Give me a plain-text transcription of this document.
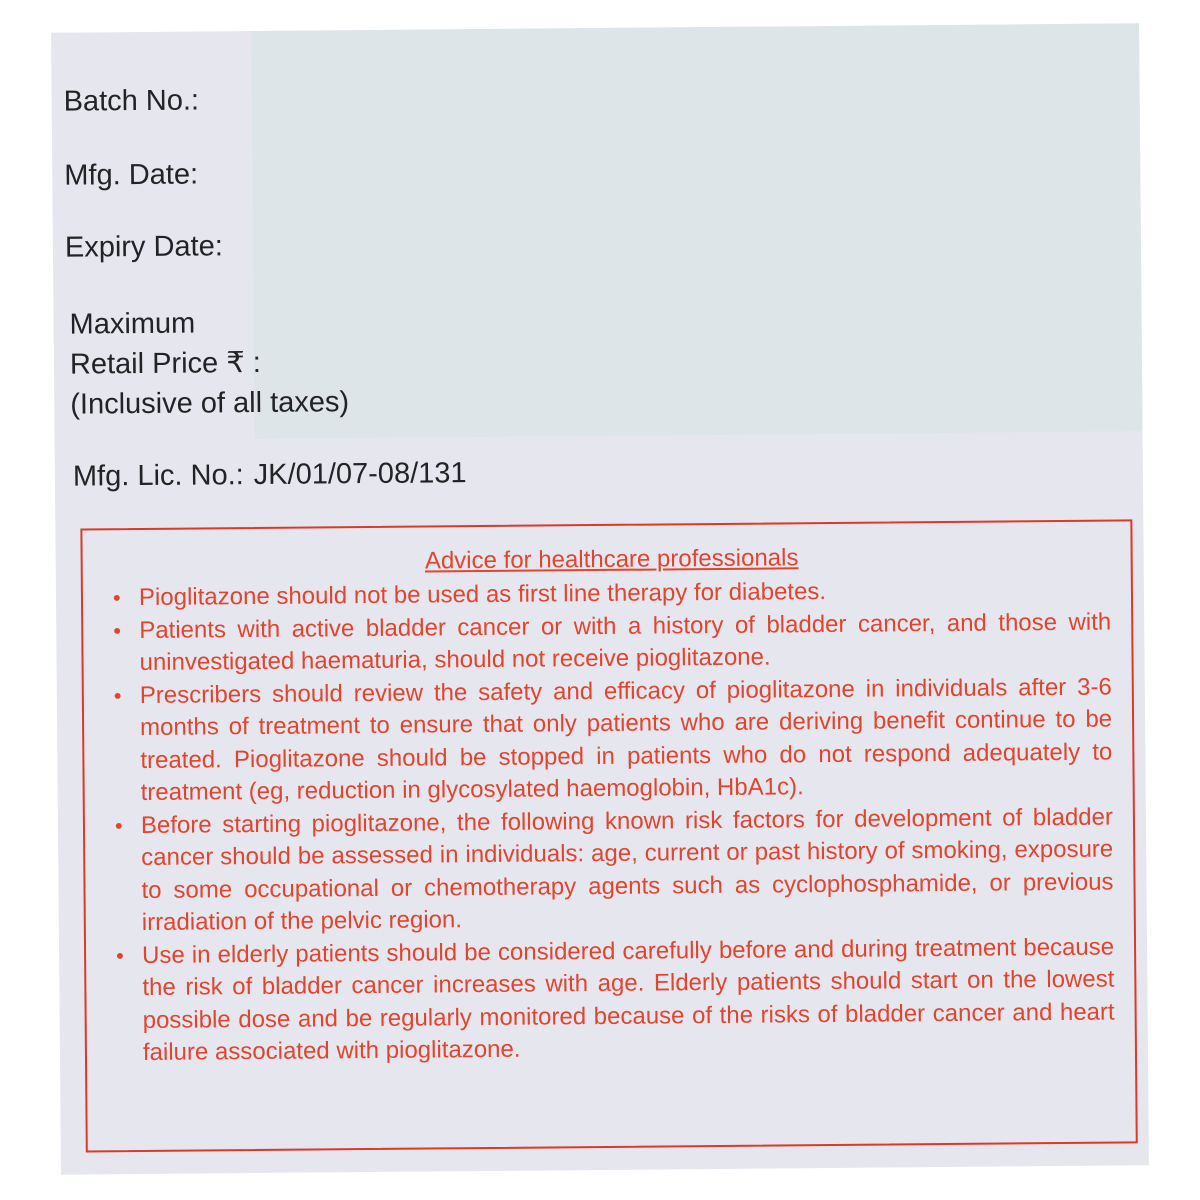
Batch No.:

Mfg. Date:

Expiry Date:

Maximum
Retail Price ₹ :
(Inclusive of all taxes)
Mfg. Lic. No.: JK/01/07-08/131

Advice for healthcare professionals

• Pioglitazone should not be used as first line therapy for diabetes.
• Patients with active bladder cancer or with a history of bladder cancer, and those with uninvestigated haematuria, should not receive pioglitazone.
• Prescribers should review the safety and efficacy of pioglitazone in individuals after 3-6 months of treatment to ensure that only patients who are deriving benefit continue to be treated. Pioglitazone should be stopped in patients who do not respond adequately to treatment (eg, reduction in glycosylated haemoglobin, HbA1c).
• Before starting pioglitazone, the following known risk factors for development of bladder cancer should be assessed in individuals: age, current or past history of smoking, exposure to some occupational or chemotherapy agents such as cyclophosphamide, or previous irradiation of the pelvic region.
• Use in elderly patients should be considered carefully before and during treatment because the risk of bladder cancer increases with age. Elderly patients should start on the lowest possible dose and be regularly monitored because of the risks of bladder cancer and heart failure associated with pioglitazone.
